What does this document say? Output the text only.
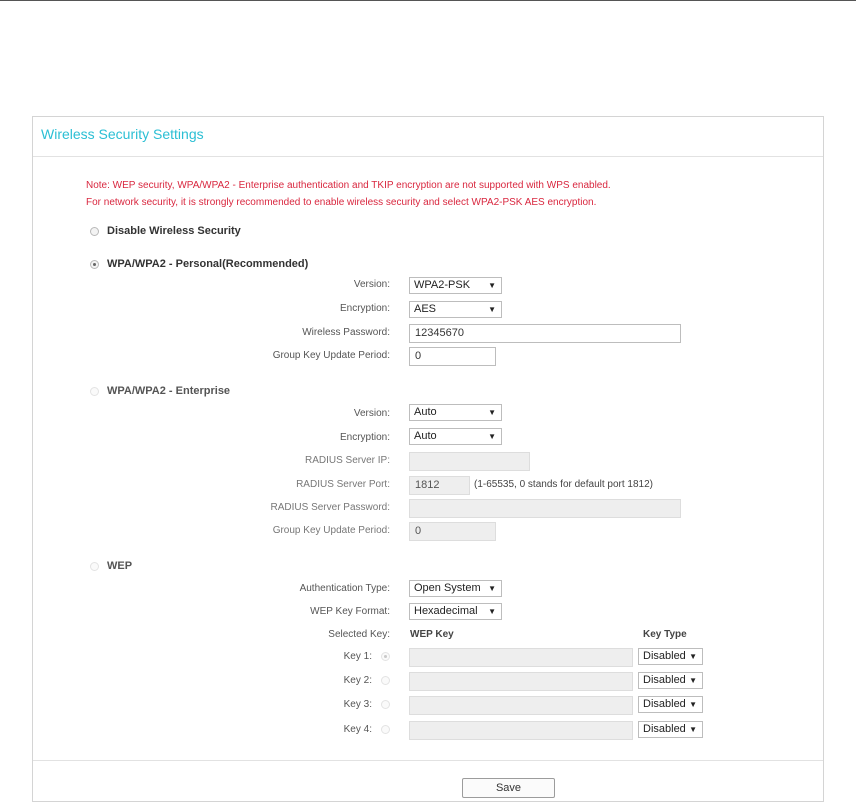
Wireless Security Settings
Note: WEP security, WPA/WPA2 - Enterprise authentication and TKIP encryption are not supported with WPS enabled.
For network security, it is strongly recommended to enable wireless security and select WPA2-PSK AES encryption.
Disable Wireless Security
WPA/WPA2 - Personal(Recommended)
Version:	WPA2-PSK ▼
Encryption:	AES	▼
Wireless Password:	12345670
Group Key Update Period:	0
WPA/WPA2 - Enterprise
Version:	Auto	▼
Encryption:	Auto	▼
RADIUS Server IP:
RADIUS Server Port:	1812	(1-65535, 0 stands for default port 1812)
RADIUS Server Password:
Group Key Update Period:	0
WEP
Authentication Type:	Open System ▼
WEP Key Format:	Hexadecimal ▼
Selected Key: WEP Key	Key Type
Key 1:	Disabled ▼
Key 2:	Disabled ▼
Key 3:	Disabled ▼
Key 4:	Disabled ▼
Save
